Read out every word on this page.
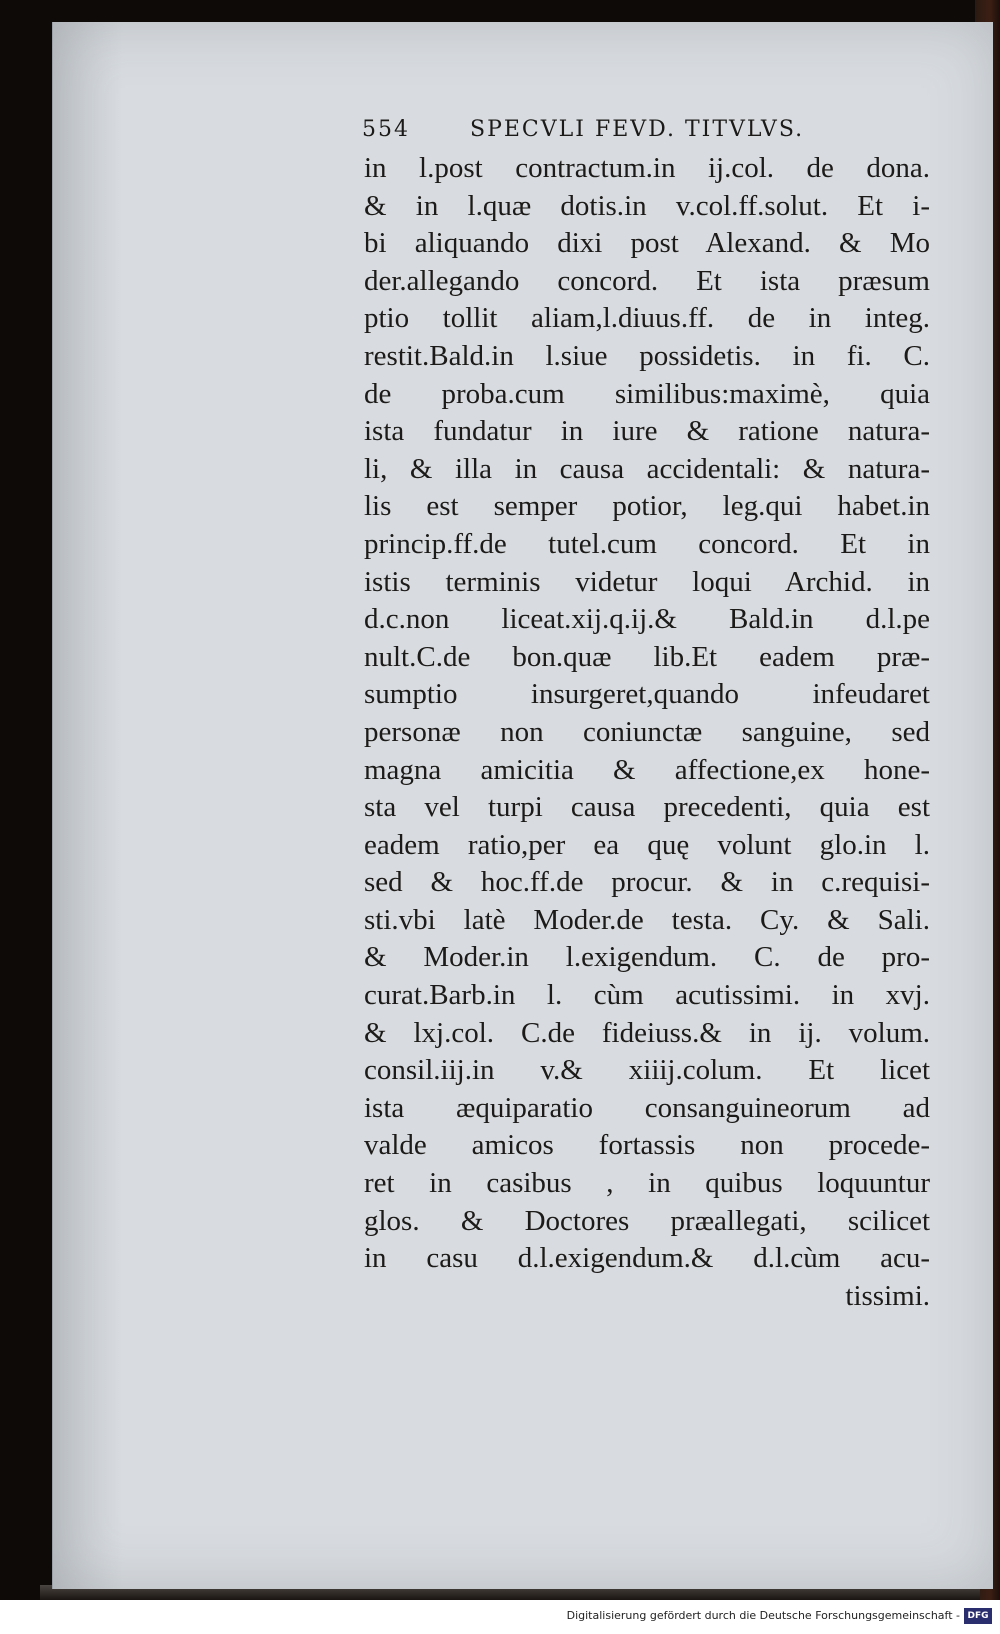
554	SPECVLI FEVD. TITVLVS.
in l.post contractum.in ij.col. de dona.
& in l.quæ dotis.in v.col.ff.solut. Et i-
bi aliquando dixi post Alexand. & Mo
der.allegando concord. Et ista præsum
ptio tollit aliam,l.diuus.ff. de in integ.
restit.Bald.in l.siue possidetis. in fi. C.
de proba.cum similibus:maximè, quia
ista fundatur in iure & ratione natura-
li, & illa in causa accidentali: & natura-
lis est semper potior, leg.qui habet.in
princip.ff.de tutel.cum concord. Et in
istis terminis videtur loqui Archid. in
d.c.non liceat.xij.q.ij.& Bald.in d.l.pe
nult.C.de bon.quæ lib.Et eadem præ-
sumptio insurgeret,quando infeudaret
personæ non coniunctæ sanguine, sed
magna amicitia & affectione,ex hone-
sta vel turpi causa precedenti, quia est
eadem ratio,per ea quę volunt glo.in l.
sed & hoc.ff.de procur. & in c.requisi-
sti.vbi latè Moder.de testa. Cy. & Sali.
& Moder.in l.exigendum. C. de pro-
curat.Barb.in l. cùm acutissimi. in xvj.
& lxj.col. C.de fideiuss.& in ij. volum.
consil.iij.in v.& xiiij.colum. Et licet
ista æquiparatio consanguineorum ad
valde amicos fortassis non procede-
ret in casibus , in quibus loquuntur
glos. & Doctores præallegati, scilicet
in casu d.l.exigendum.& d.l.cùm acu-
tissimi.
Digitalisierung gefördert durch die Deutsche Forschungsgemeinschaft - DFG
